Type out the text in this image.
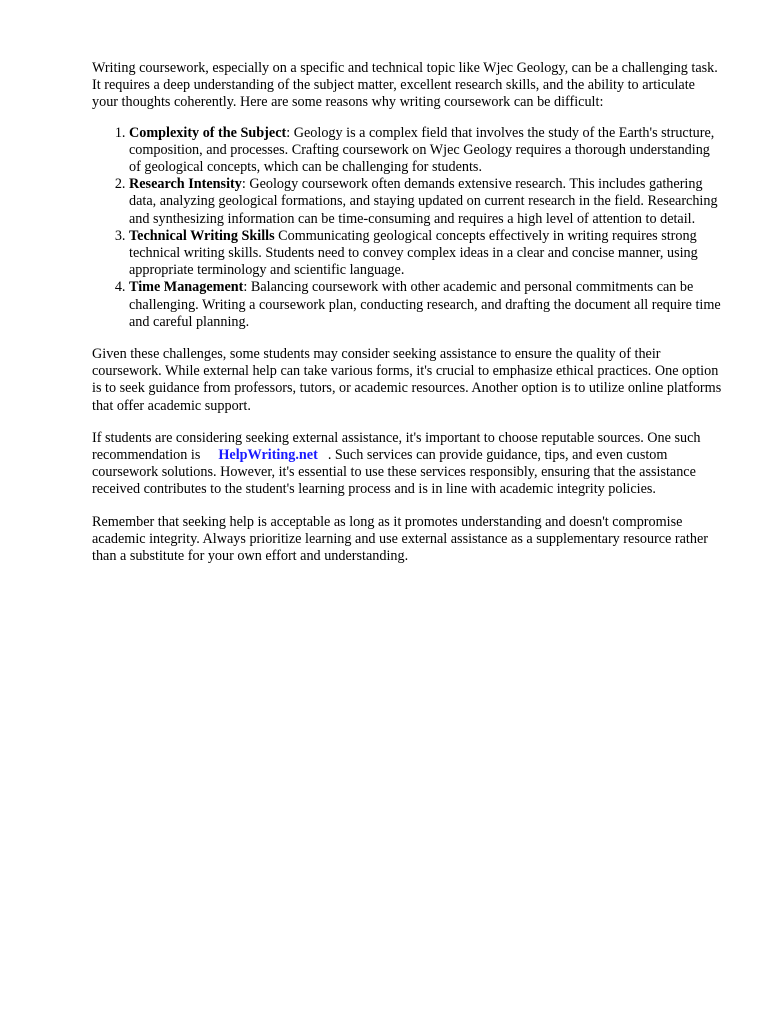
Writing coursework, especially on a specific and technical topic like Wjec Geology, can be a challenging task. It requires a deep understanding of the subject matter, excellent research skills, and the ability to articulate your thoughts coherently. Here are some reasons why writing coursework can be difficult:

1. Complexity of the Subject: Geology is a complex field that involves the study of the Earth's structure, composition, and processes. Crafting coursework on Wjec Geology requires a thorough understanding of geological concepts, which can be challenging for students.
2. Research Intensity: Geology coursework often demands extensive research. This includes gathering data, analyzing geological formations, and staying updated on current research in the field. Researching and synthesizing information can be time-consuming and requires a high level of attention to detail.
3. Technical Writing Skills Communicating geological concepts effectively in writing requires strong technical writing skills. Students need to convey complex ideas in a clear and concise manner, using appropriate terminology and scientific language.
4. Time Management: Balancing coursework with other academic and personal commitments can be challenging. Writing a coursework plan, conducting research, and drafting the document all require time and careful planning.

Given these challenges, some students may consider seeking assistance to ensure the quality of their coursework. While external help can take various forms, it's crucial to emphasize ethical practices. One option is to seek guidance from professors, tutors, or academic resources. Another option is to utilize online platforms that offer academic support.

If students are considering seeking external assistance, it's important to choose reputable sources. One such recommendation is HelpWriting.net . Such services can provide guidance, tips, and even custom coursework solutions. However, it's essential to use these services responsibly, ensuring that the assistance received contributes to the student's learning process and is in line with academic integrity policies.

Remember that seeking help is acceptable as long as it promotes understanding and doesn't compromise academic integrity. Always prioritize learning and use external assistance as a supplementary resource rather than a substitute for your own effort and understanding.
